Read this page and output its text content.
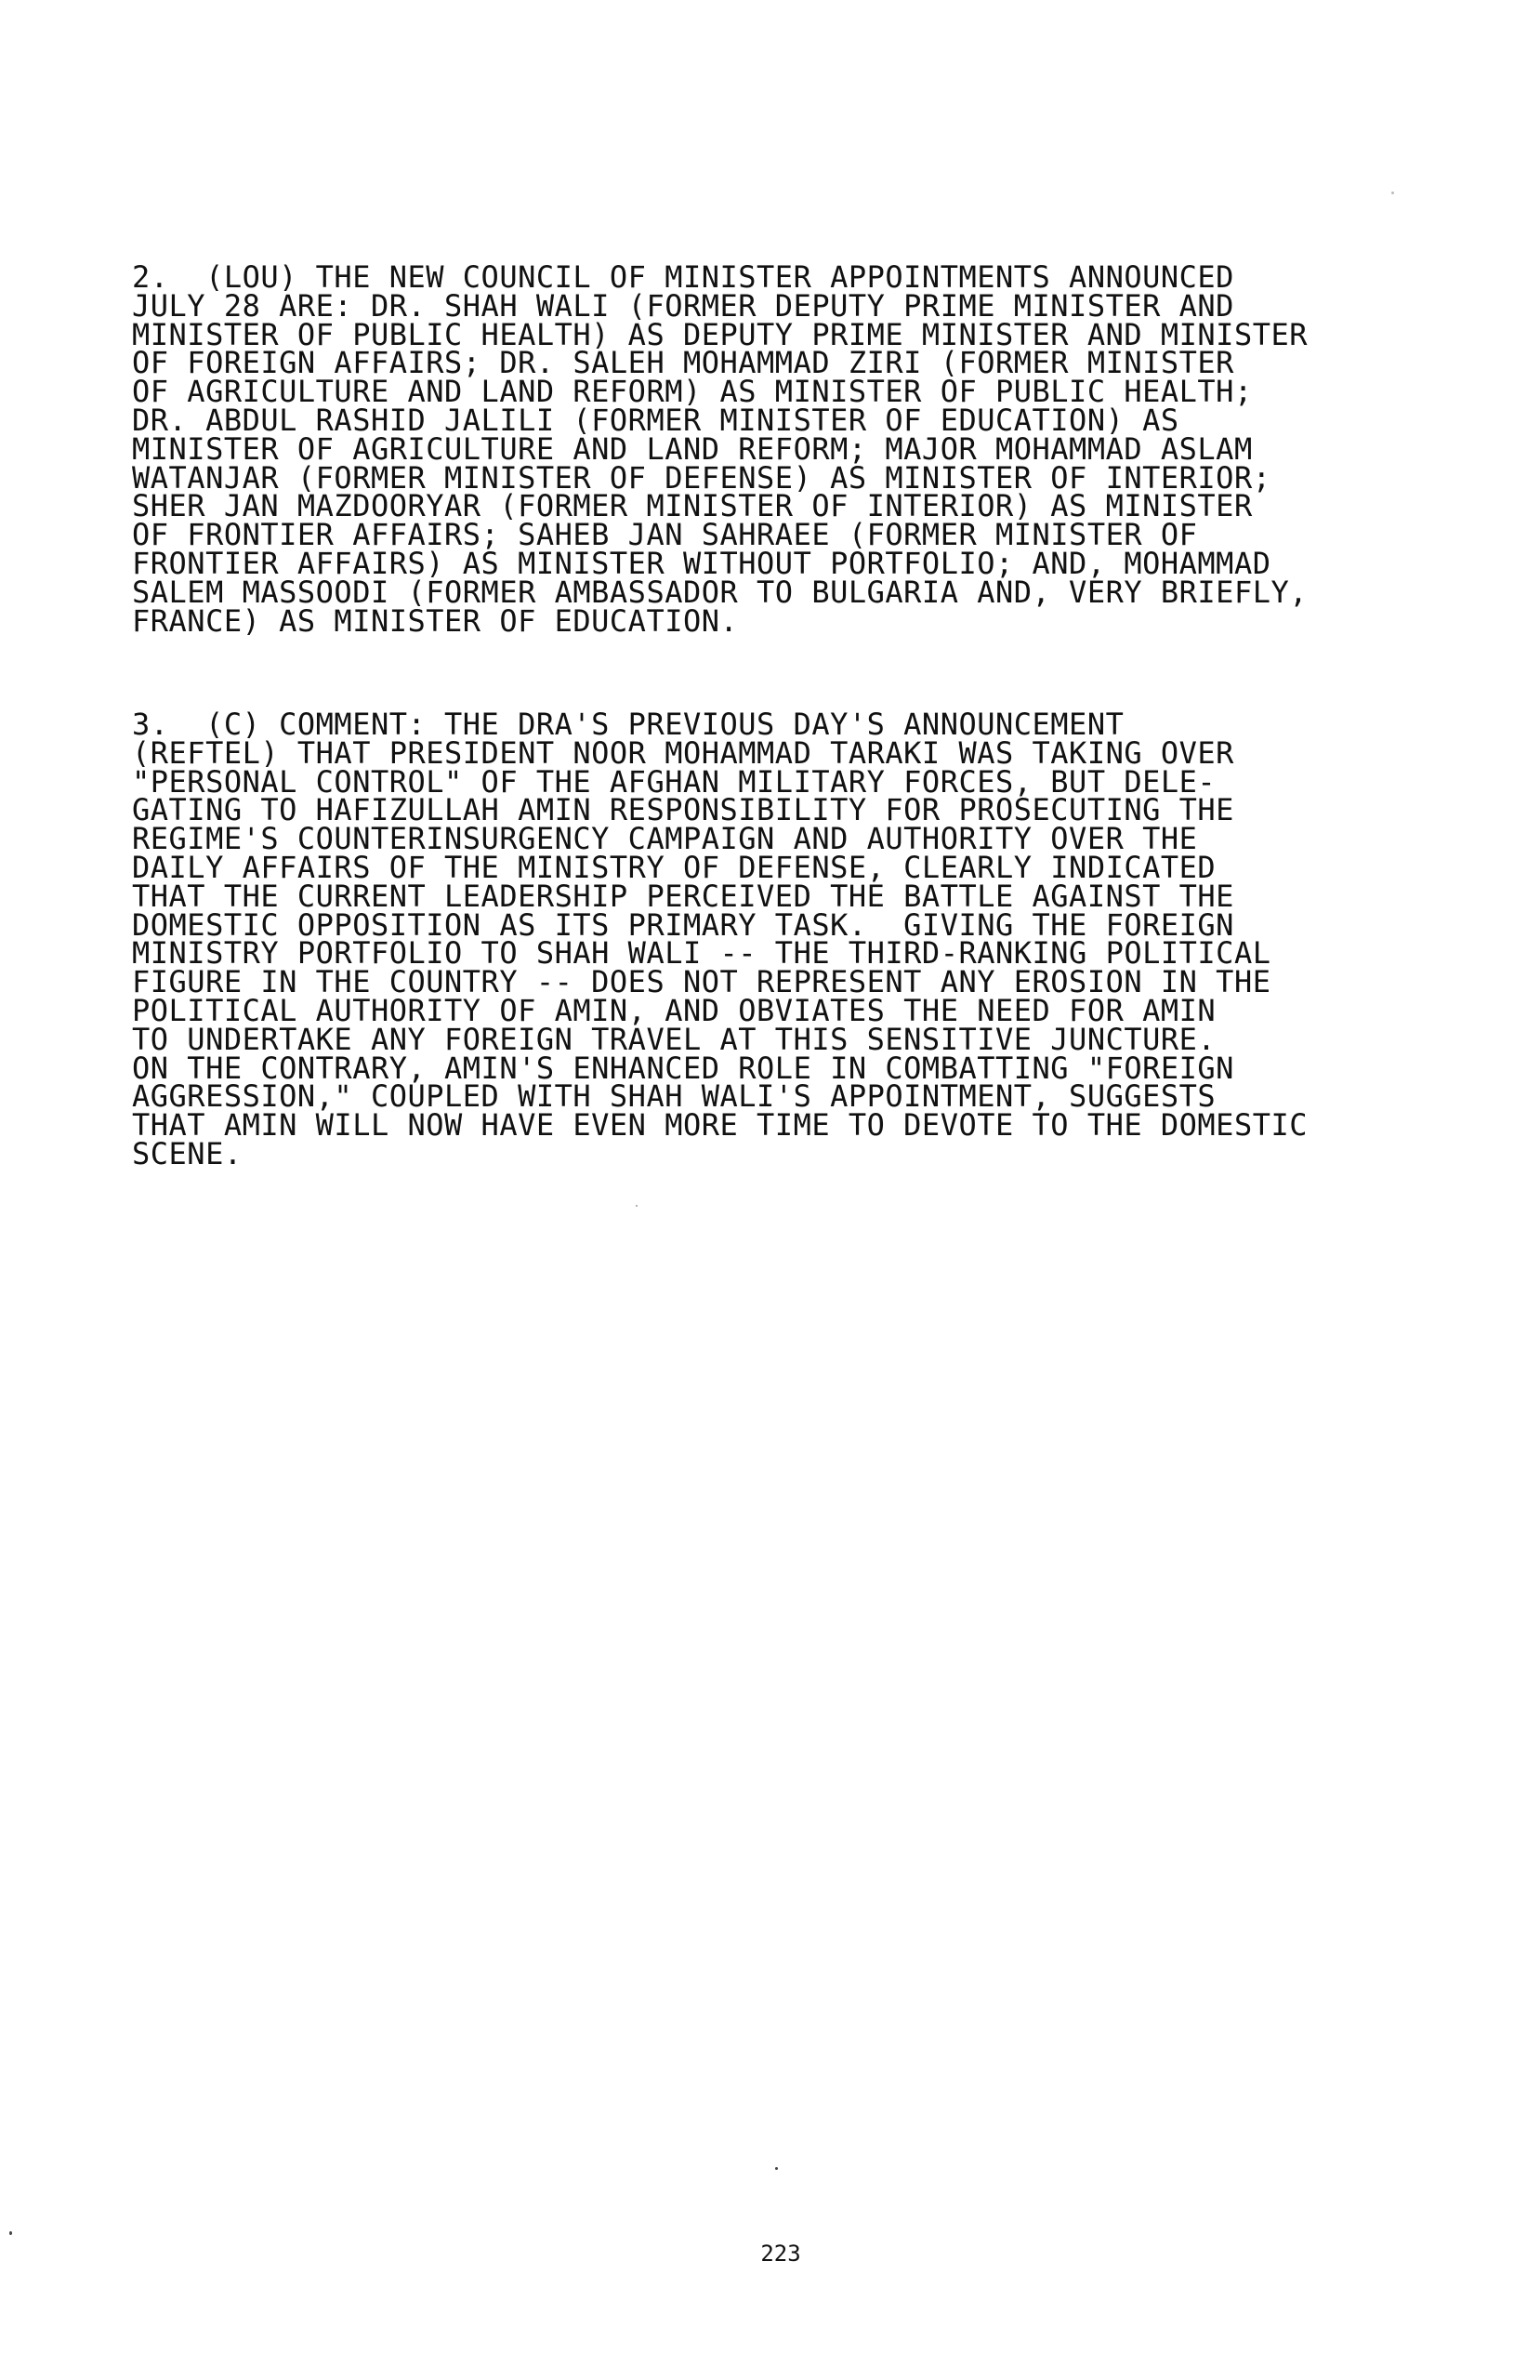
2.  (LOU) THE NEW COUNCIL OF MINISTER APPOINTMENTS ANNOUNCED
JULY 28 ARE: DR. SHAH WALI (FORMER DEPUTY PRIME MINISTER AND
MINISTER OF PUBLIC HEALTH) AS DEPUTY PRIME MINISTER AND MINISTER
OF FOREIGN AFFAIRS; DR. SALEH MOHAMMAD ZIRI (FORMER MINISTER
OF AGRICULTURE AND LAND REFORM) AS MINISTER OF PUBLIC HEALTH;
DR. ABDUL RASHID JALILI (FORMER MINISTER OF EDUCATION) AS
MINISTER OF AGRICULTURE AND LAND REFORM; MAJOR MOHAMMAD ASLAM
WATANJAR (FORMER MINISTER OF DEFENSE) AS MINISTER OF INTERIOR;
SHER JAN MAZDOORYAR (FORMER MINISTER OF INTERIOR) AS MINISTER
OF FRONTIER AFFAIRS; SAHEB JAN SAHRAEE (FORMER MINISTER OF
FRONTIER AFFAIRS) AS MINISTER WITHOUT PORTFOLIO; AND, MOHAMMAD
SALEM MASSOODI (FORMER AMBASSADOR TO BULGARIA AND, VERY BRIEFLY,
FRANCE) AS MINISTER OF EDUCATION.
3.  (C) COMMENT: THE DRA'S PREVIOUS DAY'S ANNOUNCEMENT
(REFTEL) THAT PRESIDENT NOOR MOHAMMAD TARAKI WAS TAKING OVER
"PERSONAL CONTROL" OF THE AFGHAN MILITARY FORCES, BUT DELE-
GATING TO HAFIZULLAH AMIN RESPONSIBILITY FOR PROSECUTING THE
REGIME'S COUNTERINSURGENCY CAMPAIGN AND AUTHORITY OVER THE
DAILY AFFAIRS OF THE MINISTRY OF DEFENSE, CLEARLY INDICATED
THAT THE CURRENT LEADERSHIP PERCEIVED THE BATTLE AGAINST THE
DOMESTIC OPPOSITION AS ITS PRIMARY TASK.  GIVING THE FOREIGN
MINISTRY PORTFOLIO TO SHAH WALI -- THE THIRD-RANKING POLITICAL
FIGURE IN THE COUNTRY -- DOES NOT REPRESENT ANY EROSION IN THE
POLITICAL AUTHORITY OF AMIN, AND OBVIATES THE NEED FOR AMIN
TO UNDERTAKE ANY FOREIGN TRAVEL AT THIS SENSITIVE JUNCTURE.
ON THE CONTRARY, AMIN'S ENHANCED ROLE IN COMBATTING "FOREIGN
AGGRESSION," COUPLED WITH SHAH WALI'S APPOINTMENT, SUGGESTS
THAT AMIN WILL NOW HAVE EVEN MORE TIME TO DEVOTE TO THE DOMESTIC
SCENE.
223
